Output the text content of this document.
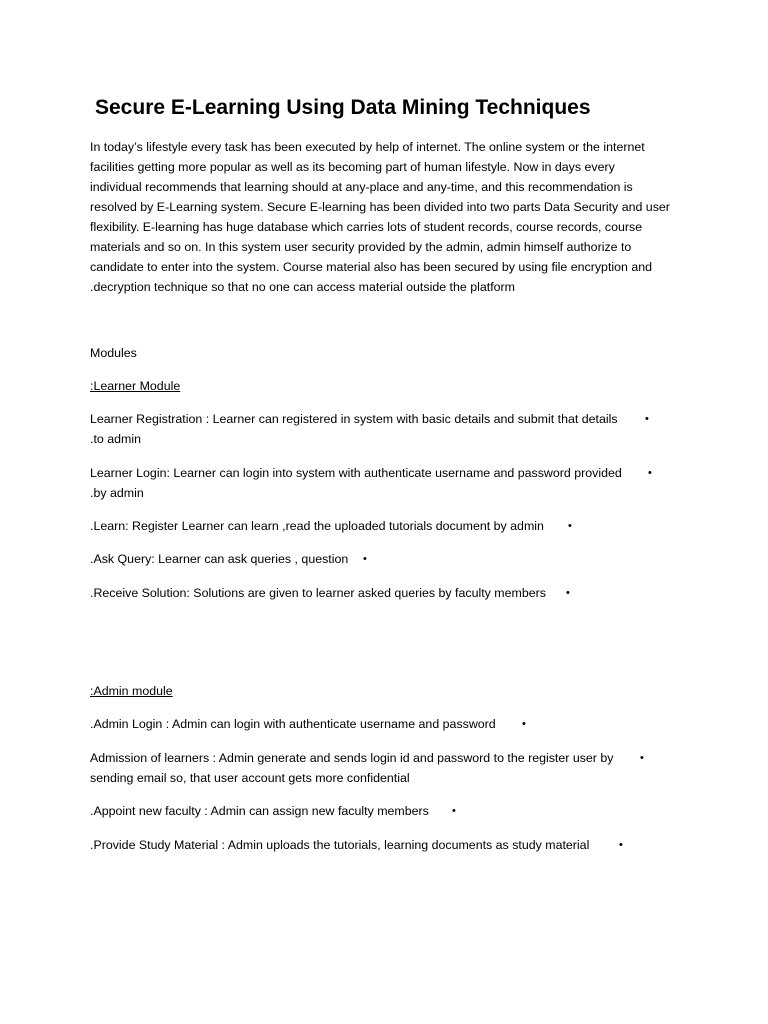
Secure E-Learning Using Data Mining Techniques
In today’s lifestyle every task has been executed by help of internet. The online system or the internet
facilities getting more popular as well as its becoming part of human lifestyle. Now in days every
individual recommends that learning should at any-place and any-time, and this recommendation is
resolved by E-Learning system. Secure E-learning has been divided into two parts Data Security and user
flexibility. E-learning has huge database which carries lots of student records, course records, course
materials and so on. In this system user security provided by the admin, admin himself authorize to
candidate to enter into the system. Course material also has been secured by using file encryption and
.decryption technique so that no one can access material outside the platform

Modules

:Learner Module

Learner Registration : Learner can registered in system with basic details and submit that details
.to admin
•
Learner Login: Learner can login into system with authenticate username and password provided
.by admin
•
.Learn: Register Learner can learn ,read the uploaded tutorials document by admin	•
.Ask Query: Learner can ask queries , question	•
.Receive Solution: Solutions are given to learner asked queries by faculty members	•

:Admin module

.Admin Login : Admin can login with authenticate username and password	•
Admission of learners : Admin generate and sends login id and password to the register user by
sending email so, that user account gets more confidential
•
.Appoint new faculty : Admin can assign new faculty members	•
.Provide Study Material : Admin uploads the tutorials, learning documents as study material	•
